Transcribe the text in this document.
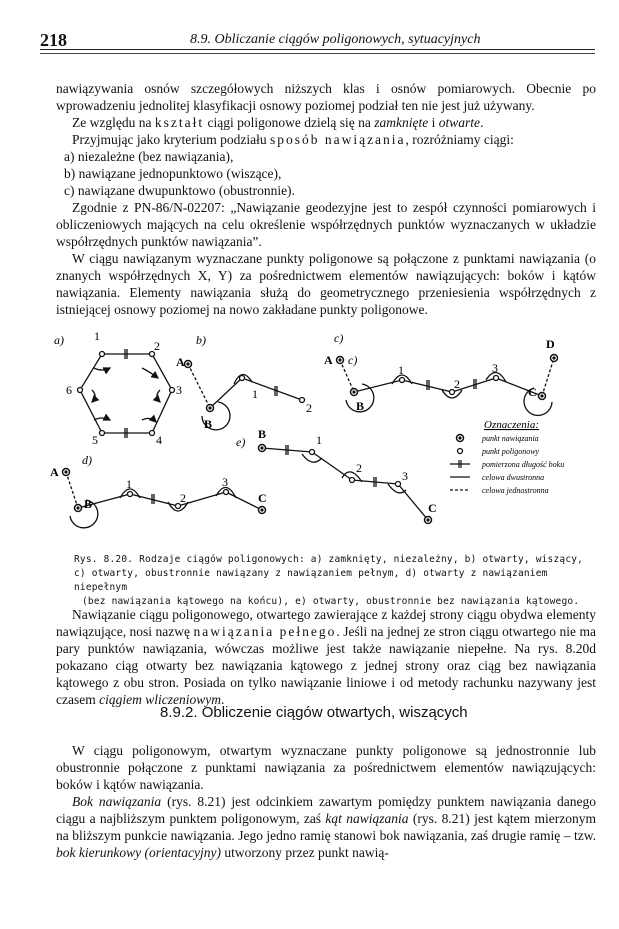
218	8.9. Obliczanie ciągów poligonowych, sytuacyjnych

nawiązywania osnów szczegółowych niższych klas i osnów pomiarowych. Obecnie po

wprowadzeniu jednolitej klasyfikacji osnowy poziomej podział ten nie jest już używany.

Ze względu na kształt ciągi poligonowe dzielą się na zamknięte i otwarte.

Przyjmując jako kryterium podziału sposób nawiązania, rozróżniamy ciągi:

a) niezależne (bez nawiązania),

b) nawiązane jednopunktowo (wiszące),

c) nawiązane dwupunktowo (obustronnie).

Zgodnie z PN-86/N-02207: „Nawiązanie geodezyjne jest to zespół czynności pomiarowych i obliczeniowych mających na celu określenie współrzędnych punktów wyznaczanych w układzie współrzędnych punktów nawiązania”.

W ciągu nawiązanym wyznaczane punkty poligonowe są połączone z punktami nawiązania (o znanych współrzędnych X, Y) za pośrednictwem elementów nawiązujących: boków i kątów nawiązania. Elementy nawiązania służą do geometrycznego przeniesienia współrzędnych z istniejącej osnowy poziomej na nowo zakładane punkty poligonowe.

a)	1
2
3
4
5
6
b)
A
B
1
2
c)
A c)
B
1
2
3
C
D
A
d)
B
1
2
3
C
e)
B	1
2
3
C
Oznaczenia:
punkt nawiązania
punkt poligonowy
pomierzona długość boku
celowa dwustronna
celowa jednostronna

Rys. 8.20. Rodzaje ciągów poligonowych: a) zamknięty, niezależny, b) otwarty, wiszący,

c) otwarty, obustronnie nawiązany z nawiązaniem pełnym, d) otwarty z nawiązaniem niepełnym

(bez nawiązania kątowego na końcu), e) otwarty, obustronnie bez nawiązania kątowego.

Nawiązanie ciągu poligonowego, otwartego zawierające z każdej strony ciągu obydwa elementy nawiązujące, nosi nazwę nawiązania pełnego. Jeśli na jednej ze stron ciągu otwartego nie ma pary punktów nawiązania, wówczas możliwe jest także nawiązanie niepełne. Na rys. 8.20d pokazano ciąg otwarty bez nawiązania kątowego z jednej strony oraz ciąg bez nawiązania kątowego z obu stron. Posiada on tylko nawiązanie liniowe i od metody rachunku nazywany jest czasem ciągiem wliczeniowym.

8.9.2. Obliczenie ciągów otwartych, wiszących

W ciągu poligonowym, otwartym wyznaczane punkty poligonowe są jednostronnie lub obustronnie połączone z punktami nawiązania za pośrednictwem elementów nawiązujących: boków i kątów nawiązania.

Bok nawiązania (rys. 8.21) jest odcinkiem zawartym pomiędzy punktem nawiązania danego ciągu a najbliższym punktem poligonowym, zaś kąt nawiązania (rys. 8.21) jest kątem mierzonym na bliższym punkcie nawiązania. Jego jedno ramię stanowi bok nawiązania, zaś drugie ramię – tzw. bok kierunkowy (orientacyjny) utworzony przez punkt nawią-
